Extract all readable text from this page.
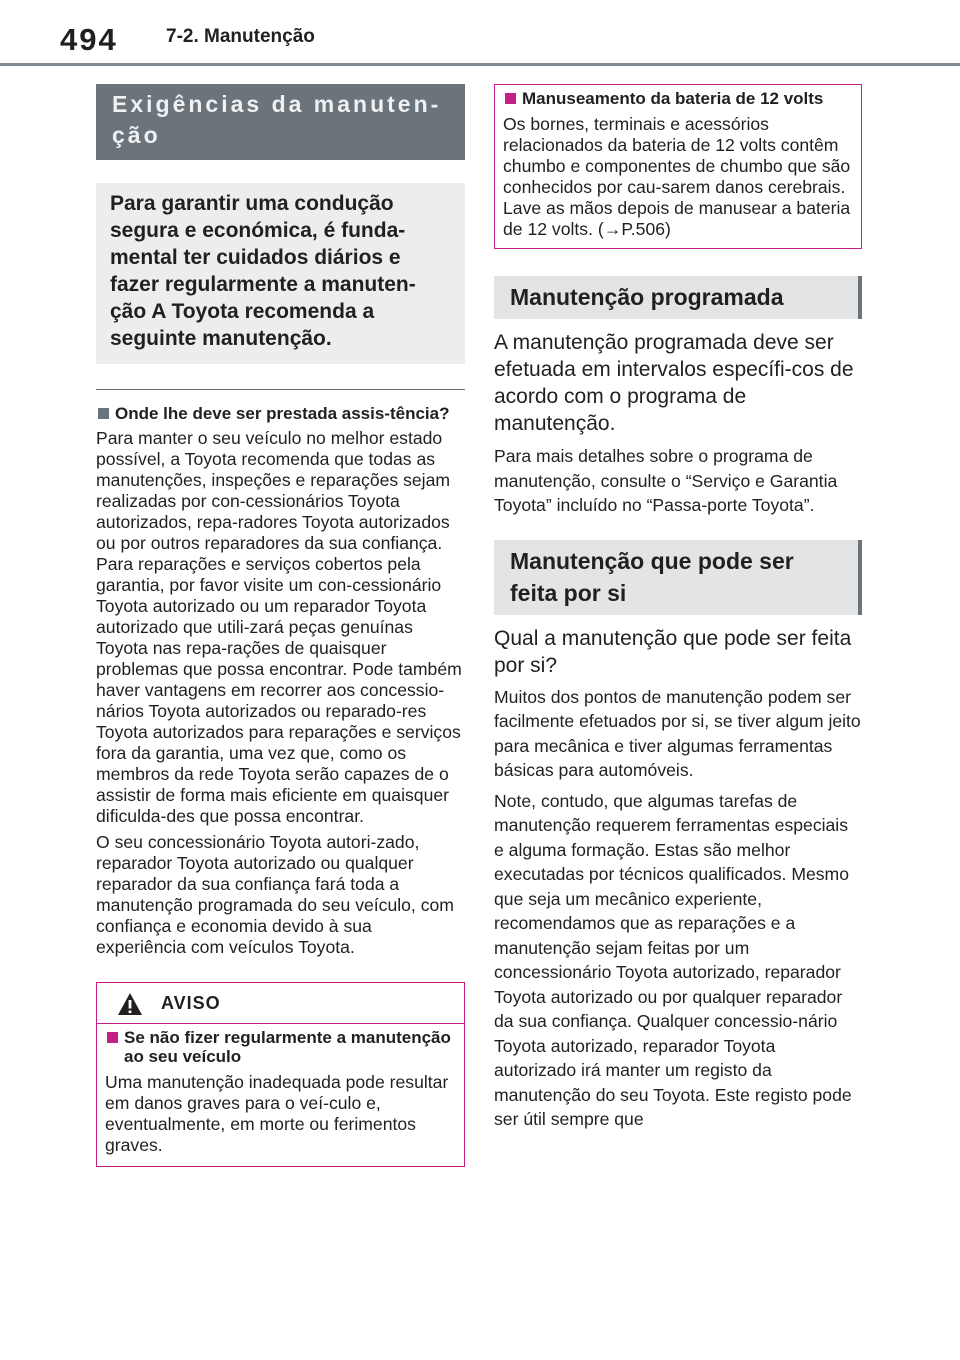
494	7-2. Manutenção
Exigências da manuten-ção
Para garantir uma condução segura e económica, é funda-mental ter cuidados diários e fazer regularmente a manuten-ção A Toyota recomenda a seguinte manutenção.
Onde lhe deve ser prestada assis-tência?

Para manter o seu veículo no melhor estado possível, a Toyota recomenda que todas as manutenções, inspeções e reparações sejam realizadas por con-cessionários Toyota autorizados, repa-radores Toyota autorizados ou por outros reparadores da sua confiança. Para reparações e serviços cobertos pela garantia, por favor visite um con-cessionário Toyota autorizado ou um reparador Toyota autorizado que utili-zará peças genuínas Toyota nas repa-rações de quaisquer problemas que possa encontrar. Pode também haver vantagens em recorrer aos concessio-nários Toyota autorizados ou reparado-res Toyota autorizados para reparações e serviços fora da garantia, uma vez que, como os membros da rede Toyota serão capazes de o assistir de forma mais eficiente em quaisquer dificulda-des que possa encontrar.

O seu concessionário Toyota autori-zado, reparador Toyota autorizado ou qualquer reparador da sua confiança fará toda a manutenção programada do seu veículo, com confiança e economia devido à sua experiência com veículos Toyota.

AVISO
Se não fizer regularmente a manutenção ao seu veículo

Uma manutenção inadequada pode resultar em danos graves para o veí-culo e, eventualmente, em morte ou ferimentos graves.

Manuseamento da bateria de 12 volts

Os bornes, terminais e acessórios relacionados da bateria de 12 volts contêm chumbo e componentes de chumbo que são conhecidos por cau-sarem danos cerebrais. Lave as mãos depois de manusear a bateria de 12 volts. (→P.506)

Manutenção programada

A manutenção programada deve ser efetuada em intervalos específi-cos de acordo com o programa de manutenção.

Para mais detalhes sobre o programa de manutenção, consulte o “Serviço e Garantia Toyota” incluído no “Passa-porte Toyota”.

Manutenção que pode ser feita por si

Qual a manutenção que pode ser feita por si?

Muitos dos pontos de manutenção podem ser facilmente efetuados por si, se tiver algum jeito para mecânica e tiver algumas ferramentas básicas para automóveis.

Note, contudo, que algumas tarefas de manutenção requerem ferramentas especiais e alguma formação. Estas são melhor executadas por técnicos qualificados. Mesmo que seja um mecânico experiente, recomendamos que as reparações e a manutenção sejam feitas por um concessionário Toyota autorizado, reparador Toyota autorizado ou por qualquer reparador da sua confiança. Qualquer concessio-nário Toyota autorizado, reparador Toyota autorizado irá manter um registo da manutenção do seu Toyota. Este registo pode ser útil sempre que
